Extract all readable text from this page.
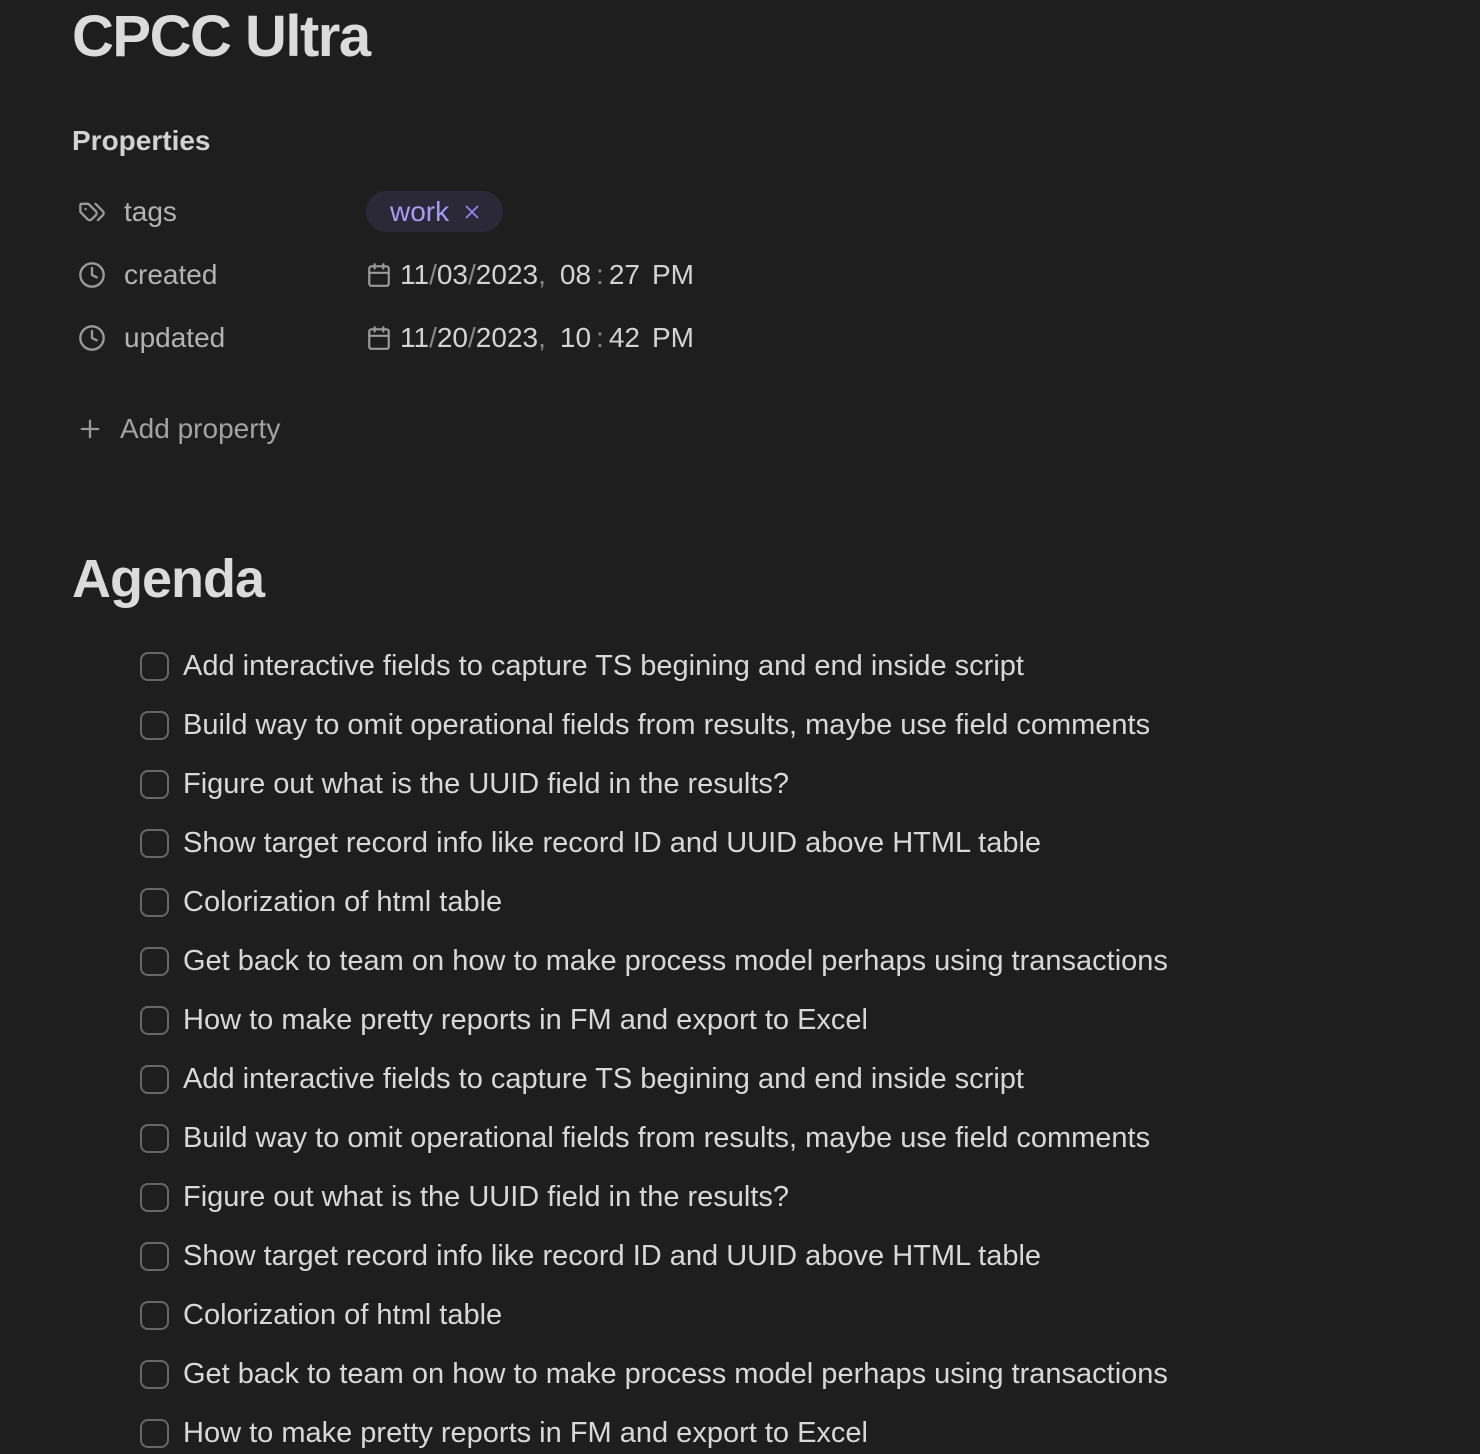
CPCC Ultra
Properties
tags	work
created	11/03/2023, 08 : 27 PM
updated	11/20/2023, 10 : 42 PM
Add property
Agenda
Add interactive fields to capture TS begining and end inside script
Build way to omit operational fields from results, maybe use field comments
Figure out what is the UUID field in the results?
Show target record info like record ID and UUID above HTML table
Colorization of html table
Get back to team on how to make process model perhaps using transactions
How to make pretty reports in FM and export to Excel
Add interactive fields to capture TS begining and end inside script
Build way to omit operational fields from results, maybe use field comments
Figure out what is the UUID field in the results?
Show target record info like record ID and UUID above HTML table
Colorization of html table
Get back to team on how to make process model perhaps using transactions
How to make pretty reports in FM and export to Excel
